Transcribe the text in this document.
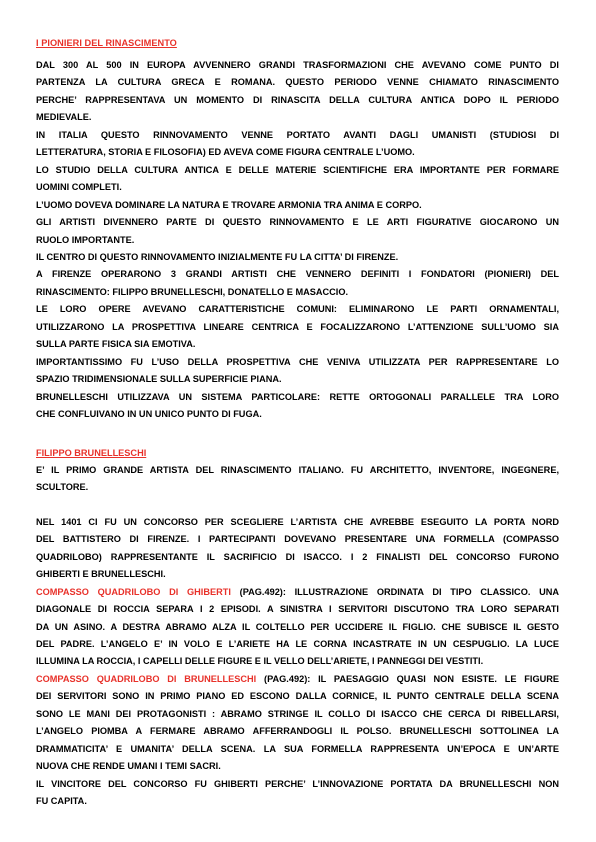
I PIONIERI DEL RINASCIMENTO
DAL 300 AL 500 IN EUROPA AVVENNERO GRANDI TRASFORMAZIONI CHE AVEVANO COME PUNTO DI
PARTENZA LA CULTURA GRECA E ROMANA. QUESTO PERIODO VENNE CHIAMATO RINASCIMENTO
PERCHE’ RAPPRESENTAVA UN MOMENTO DI RINASCITA DELLA CULTURA ANTICA DOPO IL PERIODO
MEDIEVALE.
IN ITALIA QUESTO RINNOVAMENTO VENNE PORTATO AVANTI DAGLI UMANISTI (STUDIOSI DI
LETTERATURA, STORIA E FILOSOFIA) ED AVEVA COME FIGURA CENTRALE L’UOMO.
LO STUDIO DELLA CULTURA ANTICA E DELLE MATERIE SCIENTIFICHE ERA IMPORTANTE PER FORMARE
UOMINI COMPLETI.
L’UOMO DOVEVA DOMINARE LA NATURA E TROVARE ARMONIA TRA ANIMA E CORPO.
GLI ARTISTI DIVENNERO PARTE DI QUESTO RINNOVAMENTO E LE ARTI FIGURATIVE GIOCARONO UN
RUOLO IMPORTANTE.
IL CENTRO DI QUESTO RINNOVAMENTO INIZIALMENTE FU LA CITTA’ DI FIRENZE.
A FIRENZE OPERARONO 3 GRANDI ARTISTI CHE VENNERO DEFINITI I FONDATORI (PIONIERI) DEL
RINASCIMENTO: FILIPPO BRUNELLESCHI, DONATELLO E MASACCIO.
LE LORO OPERE AVEVANO CARATTERISTICHE COMUNI: ELIMINARONO LE PARTI ORNAMENTALI,
UTILIZZARONO LA PROSPETTIVA LINEARE CENTRICA E FOCALIZZARONO L’ATTENZIONE SULL’UOMO SIA
SULLA PARTE FISICA SIA EMOTIVA.
IMPORTANTISSIMO FU L’USO DELLA PROSPETTIVA CHE VENIVA UTILIZZATA PER RAPPRESENTARE LO
SPAZIO TRIDIMENSIONALE SULLA SUPERFICIE PIANA.
BRUNELLESCHI UTILIZZAVA UN SISTEMA PARTICOLARE: RETTE ORTOGONALI PARALLELE TRA LORO
CHE CONFLUIVANO IN UN UNICO PUNTO DI FUGA.
FILIPPO BRUNELLESCHI
E’ IL PRIMO GRANDE ARTISTA DEL RINASCIMENTO ITALIANO. FU ARCHITETTO, INVENTORE, INGEGNERE,
SCULTORE.
NEL 1401 CI FU UN CONCORSO PER SCEGLIERE L’ARTISTA CHE AVREBBE ESEGUITO LA PORTA NORD
DEL BATTISTERO DI FIRENZE. I PARTECIPANTI DOVEVANO PRESENTARE UNA FORMELLA (COMPASSO
QUADRILOBO) RAPPRESENTANTE IL SACRIFICIO DI ISACCO. I 2 FINALISTI DEL CONCORSO FURONO
GHIBERTI E BRUNELLESCHI.
COMPASSO QUADRILOBO DI GHIBERTI (PAG.492): ILLUSTRAZIONE ORDINATA DI TIPO CLASSICO. UNA
DIAGONALE DI ROCCIA SEPARA I 2 EPISODI. A SINISTRA I SERVITORI DISCUTONO TRA LORO SEPARATI
DA UN ASINO. A DESTRA ABRAMO ALZA IL COLTELLO PER UCCIDERE IL FIGLIO. CHE SUBISCE IL GESTO
DEL PADRE. L’ANGELO E’ IN VOLO E L’ARIETE HA LE CORNA INCASTRATE IN UN CESPUGLIO. LA LUCE
ILLUMINA LA ROCCIA, I CAPELLI DELLE FIGURE E IL VELLO DELL’ARIETE, I PANNEGGI DEI VESTITI.
COMPASSO QUADRILOBO DI BRUNELLESCHI (PAG.492): IL PAESAGGIO QUASI NON ESISTE. LE FIGURE
DEI SERVITORI SONO IN PRIMO PIANO ED ESCONO DALLA CORNICE, IL PUNTO CENTRALE DELLA SCENA
SONO LE MANI DEI PROTAGONISTI : ABRAMO STRINGE IL COLLO DI ISACCO CHE CERCA DI RIBELLARSI,
L’ANGELO PIOMBA A FERMARE ABRAMO AFFERRANDOGLI IL POLSO. BRUNELLESCHI SOTTOLINEA LA
DRAMMATICITA’ E UMANITA’ DELLA SCENA. LA SUA FORMELLA RAPPRESENTA UN’EPOCA E UN’ARTE
NUOVA CHE RENDE UMANI I TEMI SACRI.
IL VINCITORE DEL CONCORSO FU GHIBERTI PERCHE’ L’INNOVAZIONE PORTATA DA BRUNELLESCHI NON
FU CAPITA.
